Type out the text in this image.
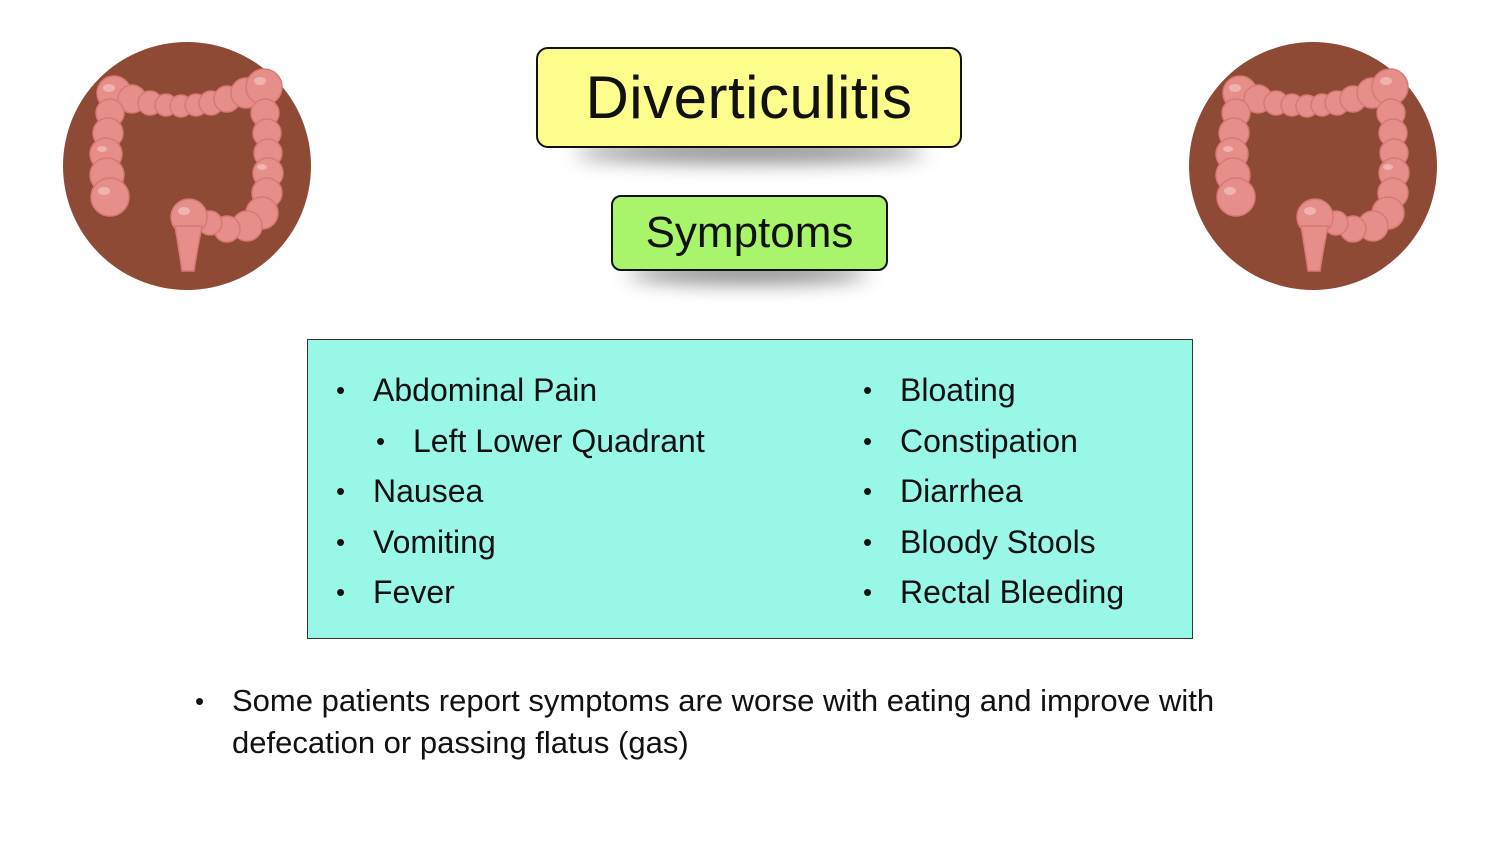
Diverticulitis
Symptoms
• Abdominal Pain
• Left Lower Quadrant
• Nausea
• Vomiting
• Fever
• Bloating
• Constipation
• Diarrhea
• Bloody Stools
• Rectal Bleeding
• Some patients report symptoms are worse with eating and improve with defecation or passing flatus (gas)
